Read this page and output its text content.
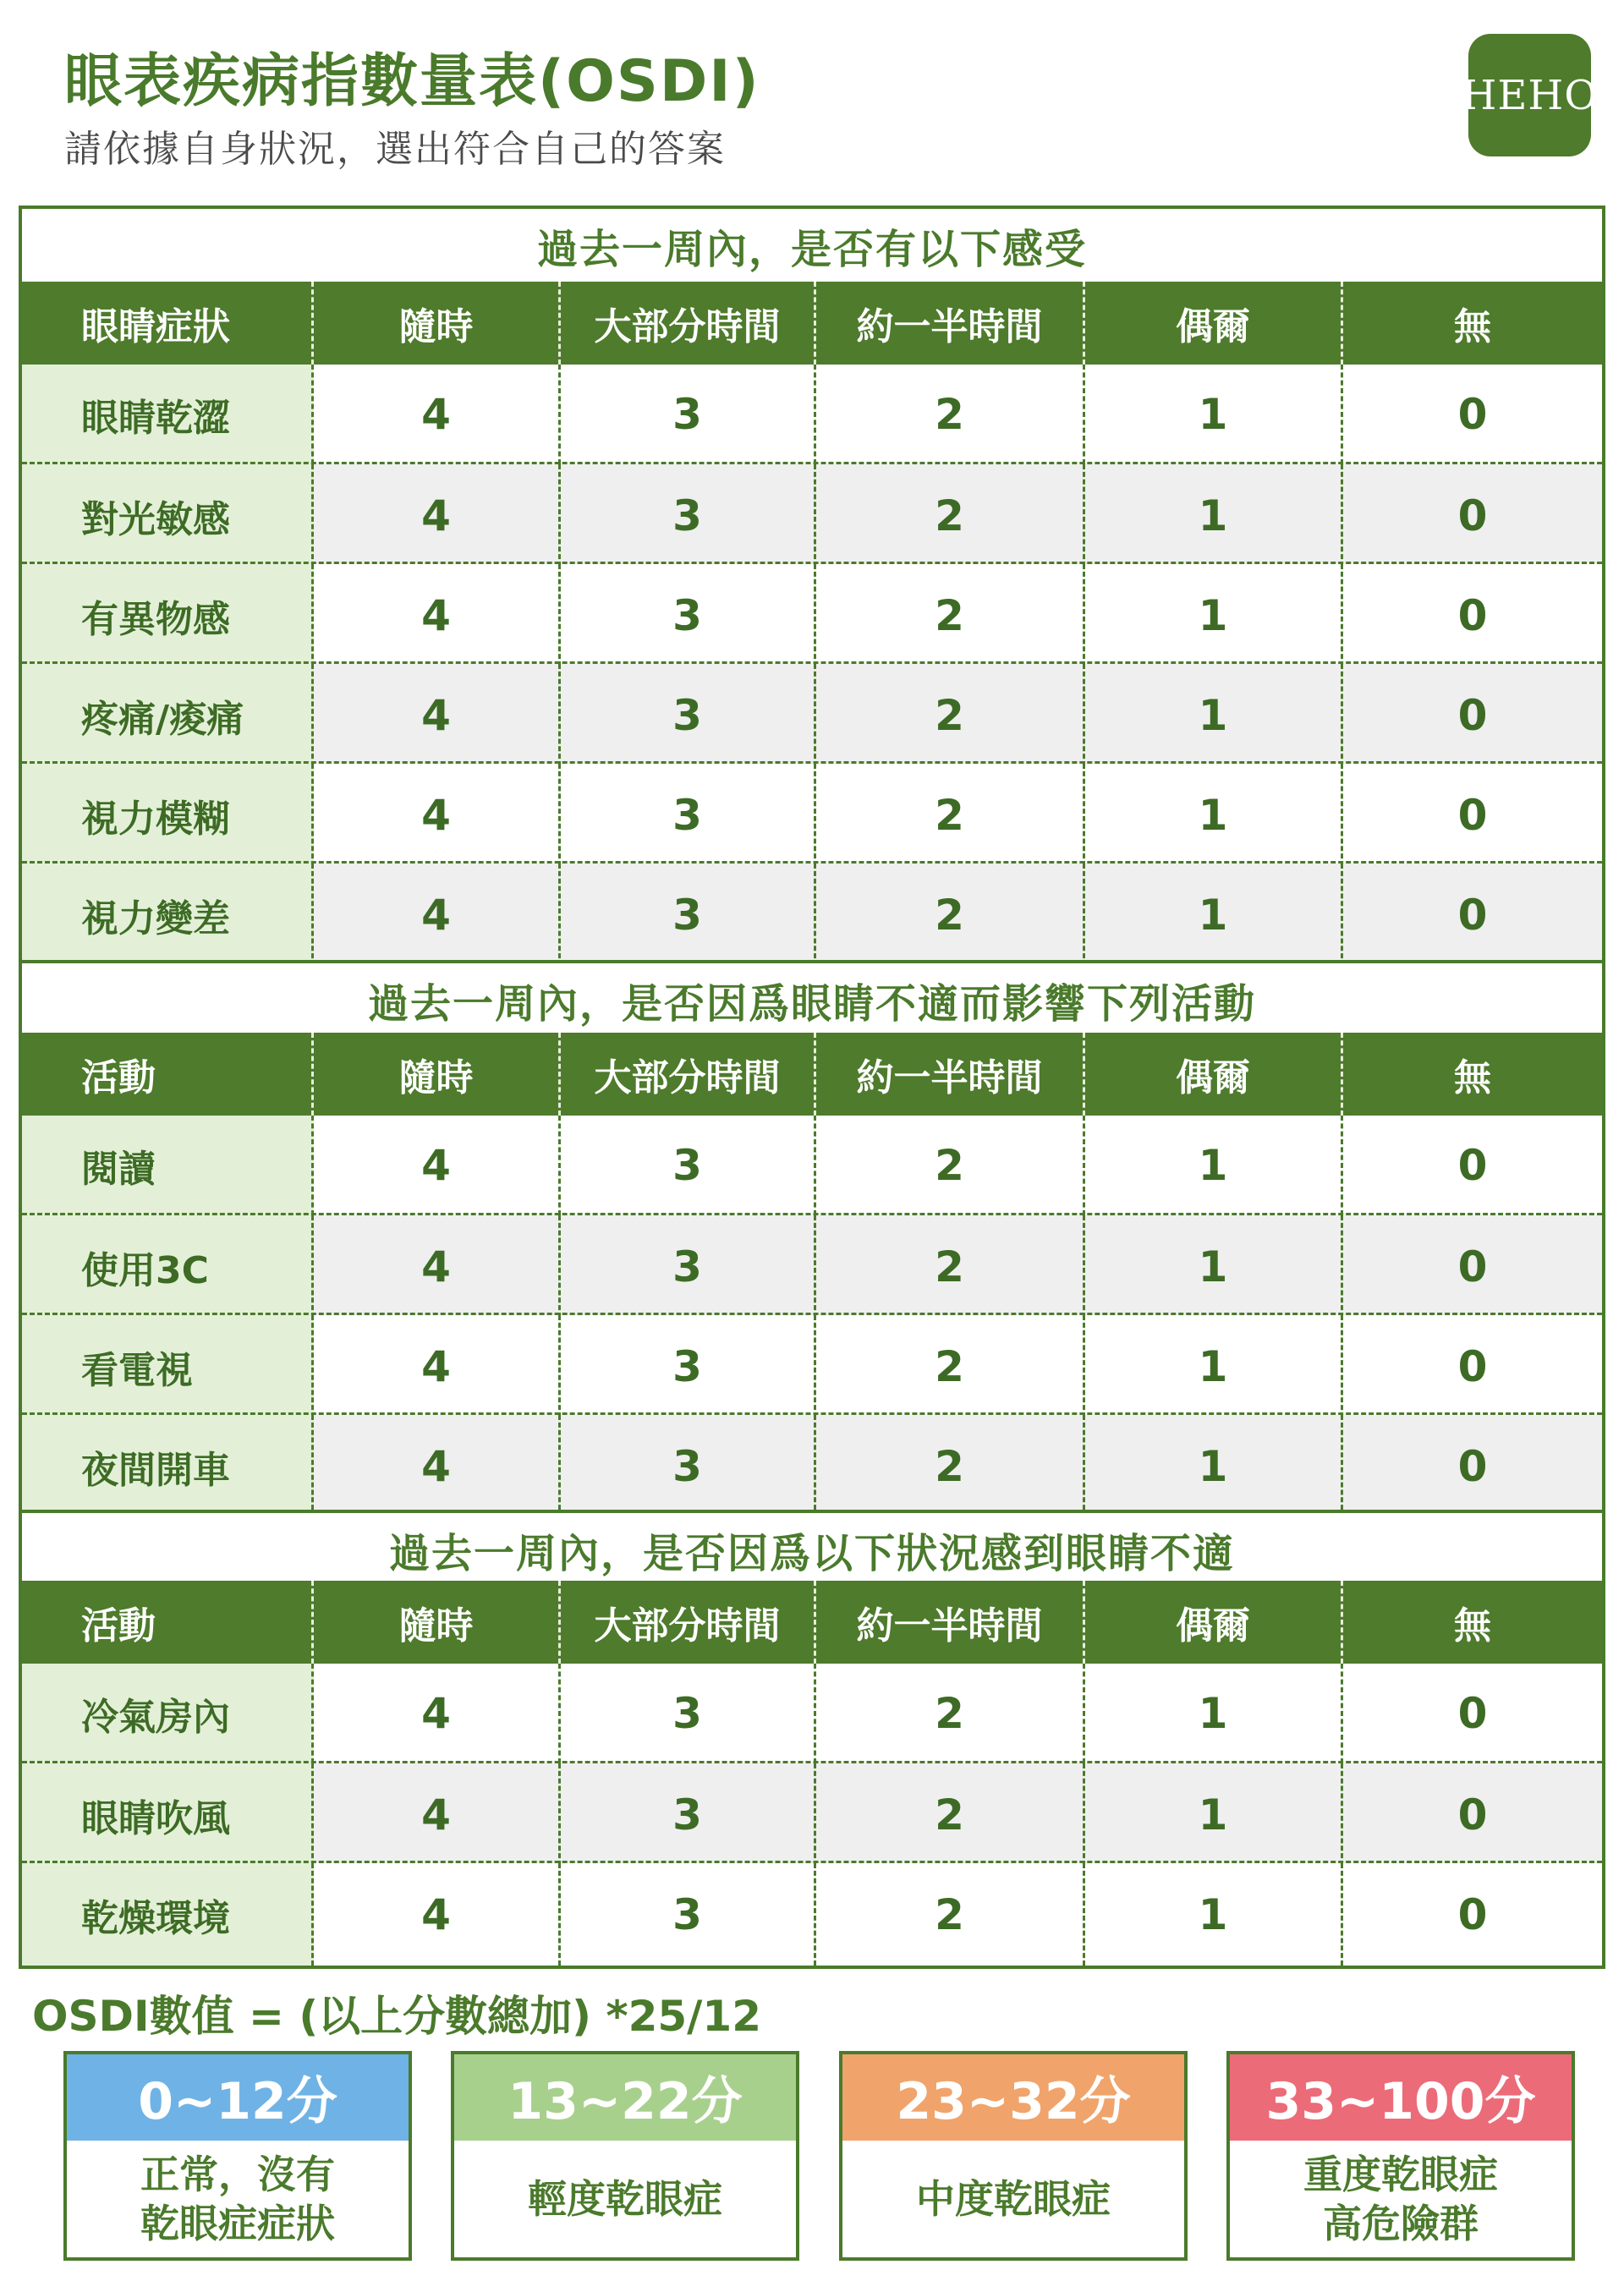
眼表疾病指數量表(OSDI)
請依據自身狀況，選出符合自己的答案
HEHO
過去一周內，是否有以下感受
眼睛症狀	隨時	大部分時間	約一半時間	偶爾	無
眼睛乾澀	4	3	2	1	0
對光敏感	4	3	2	1	0
有異物感	4	3	2	1	0
疼痛/痠痛	4	3	2	1	0
視力模糊	4	3	2	1	0
視力變差	4	3	2	1	0
過去一周內，是否因爲眼睛不適而影響下列活動
活動	隨時	大部分時間	約一半時間	偶爾	無
閱讀	4	3	2	1	0
使用3C	4	3	2	1	0
看電視	4	3	2	1	0
夜間開車	4	3	2	1	0
過去一周內，是否因爲以下狀況感到眼睛不適
活動	隨時	大部分時間	約一半時間	偶爾	無
冷氣房內	4	3	2	1	0
眼睛吹風	4	3	2	1	0
乾燥環境	4	3	2	1	0
OSDI數值 = (以上分數總加) *25/12
0~12分
正常，沒有
乾眼症症狀
13~22分
輕度乾眼症
23~32分
中度乾眼症
33~100分
重度乾眼症
高危險群
